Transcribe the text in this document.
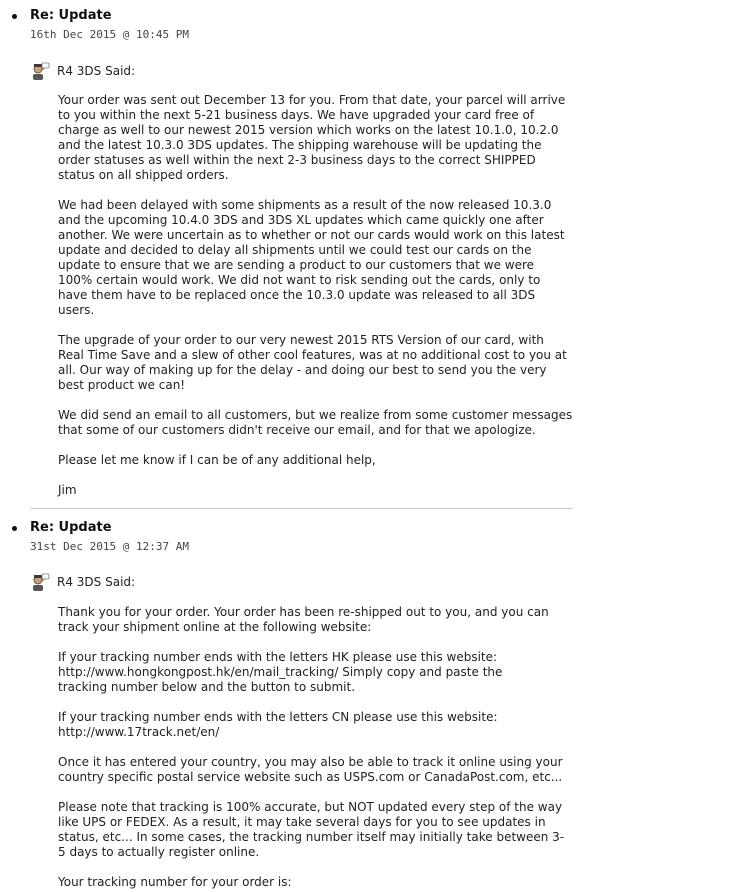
Re: Update
16th Dec 2015 @ 10:45 PM
R4 3DS Said:

Your order was sent out December 13 for you. From that date, your parcel will arrive
to you within the next 5-21 business days. We have upgraded your card free of
charge as well to our newest 2015 version which works on the latest 10.1.0, 10.2.0
and the latest 10.3.0 3DS updates. The shipping warehouse will be updating the
order statuses as well within the next 2-3 business days to the correct SHIPPED
status on all shipped orders.

We had been delayed with some shipments as a result of the now released 10.3.0
and the upcoming 10.4.0 3DS and 3DS XL updates which came quickly one after
another. We were uncertain as to whether or not our cards would work on this latest
update and decided to delay all shipments until we could test our cards on the
update to ensure that we are sending a product to our customers that we were
100% certain would work. We did not want to risk sending out the cards, only to
have them have to be replaced once the 10.3.0 update was released to all 3DS
users.

The upgrade of your order to our very newest 2015 RTS Version of our card, with
Real Time Save and a slew of other cool features, was at no additional cost to you at
all. Our way of making up for the delay - and doing our best to send you the very
best product we can!

We did send an email to all customers, but we realize from some customer messages
that some of our customers didn't receive our email, and for that we apologize.

Please let me know if I can be of any additional help,

Jim

Re: Update
31st Dec 2015 @ 12:37 AM
R4 3DS Said:

Thank you for your order. Your order has been re-shipped out to you, and you can
track your shipment online at the following website:

If your tracking number ends with the letters HK please use this website:
http://www.hongkongpost.hk/en/mail_tracking/ Simply copy and paste the
tracking number below and the button to submit.

If your tracking number ends with the letters CN please use this website:
http://www.17track.net/en/

Once it has entered your country, you may also be able to track it online using your
country specific postal service website such as USPS.com or CanadaPost.com, etc...

Please note that tracking is 100% accurate, but NOT updated every step of the way
like UPS or FEDEX. As a result, it may take several days for you to see updates in
status, etc... In some cases, the tracking number itself may initially take between 3-
5 days to actually register online.

Your tracking number for your order is:
